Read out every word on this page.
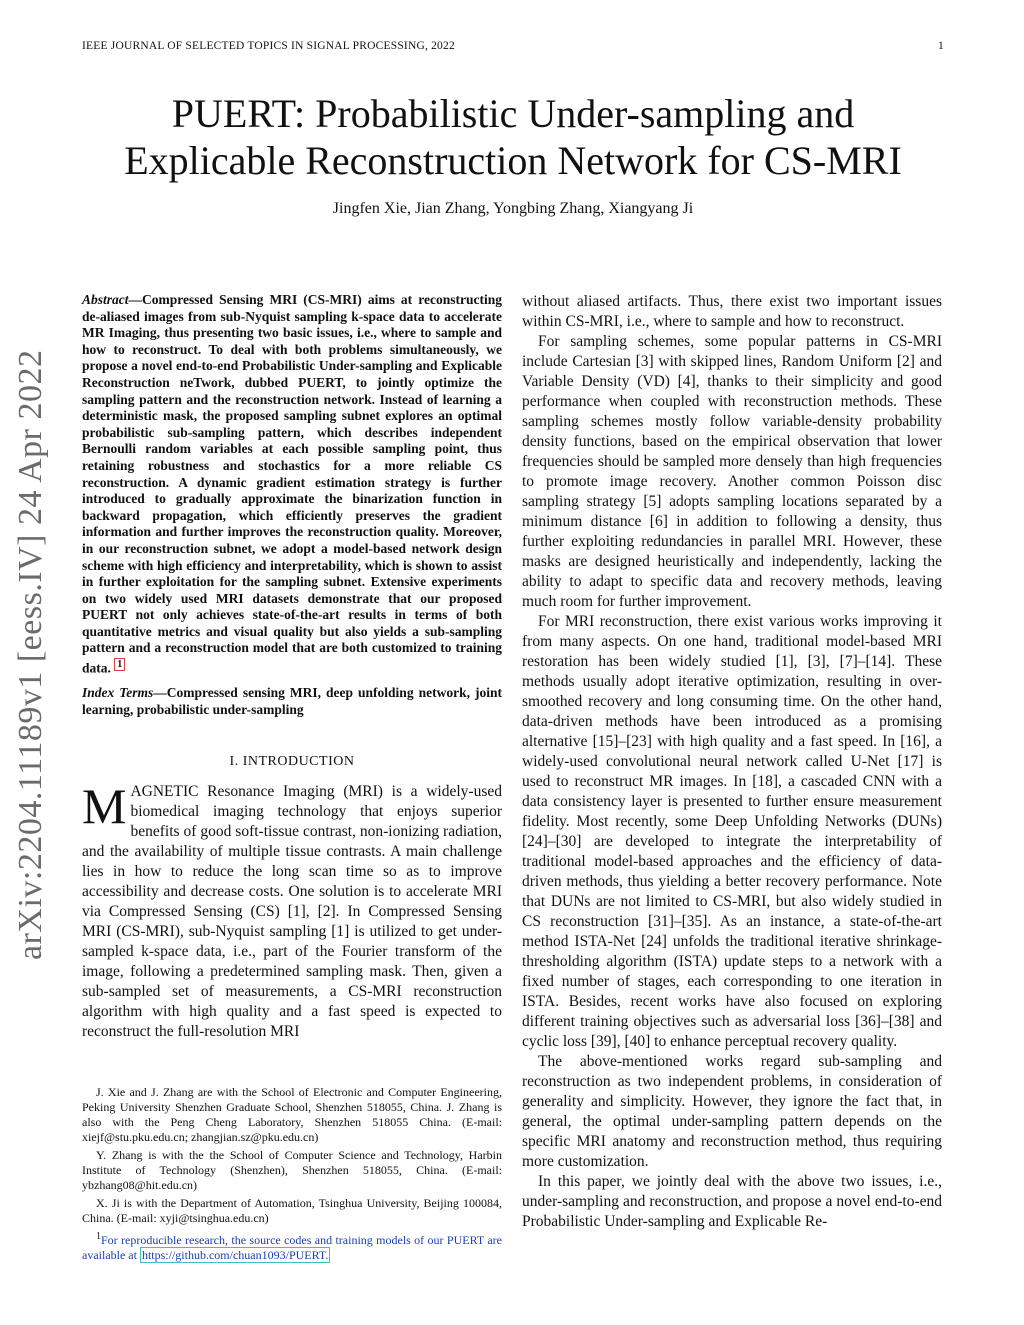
IEEE JOURNAL OF SELECTED TOPICS IN SIGNAL PROCESSING, 2022	1
PUERT: Probabilistic Under-sampling and
Explicable Reconstruction Network for CS-MRI
Jingfen Xie, Jian Zhang, Yongbing Zhang, Xiangyang Ji
arXiv:2204.11189v1 [eess.IV] 24 Apr 2022

Abstract—Compressed Sensing MRI (CS-MRI) aims at reconstructing de-aliased images from sub-Nyquist sampling k-space data to accelerate MR Imaging, thus presenting two basic issues, i.e., where to sample and how to reconstruct. To deal with both problems simultaneously, we propose a novel end-to-end Probabilistic Under-sampling and Explicable Reconstruction neTwork, dubbed PUERT, to jointly optimize the sampling pattern and the reconstruction network. Instead of learning a deterministic mask, the proposed sampling subnet explores an optimal probabilistic sub-sampling pattern, which describes independent Bernoulli random variables at each possible sampling point, thus retaining robustness and stochastics for a more reliable CS reconstruction. A dynamic gradient estimation strategy is further introduced to gradually approximate the binarization function in backward propagation, which efficiently preserves the gradient information and further improves the reconstruction quality. Moreover, in our reconstruction subnet, we adopt a model-based network design scheme with high efficiency and interpretability, which is shown to assist in further exploitation for the sampling subnet. Extensive experiments on two widely used MRI datasets demonstrate that our proposed PUERT not only achieves state-of-the-art results in terms of both quantitative metrics and visual quality but also yields a sub-sampling pattern and a reconstruction model that are both customized to training data. $^1$

Index Terms—Compressed sensing MRI, deep unfolding network, joint learning, probabilistic under-sampling

I. INTRODUCTION

MAGNETIC Resonance Imaging (MRI) is a widely-used biomedical imaging technology that enjoys superior benefits of good soft-tissue contrast, non-ionizing radiation, and the availability of multiple tissue contrasts. A main challenge lies in how to reduce the long scan time so as to improve accessibility and decrease costs. One solution is to accelerate MRI via Compressed Sensing (CS) [1], [2]. In Compressed Sensing MRI (CS-MRI), sub-Nyquist sampling [1] is utilized to get under-sampled k-space data, i.e., part of the Fourier transform of the image, following a predetermined sampling mask. Then, given a sub-sampled set of measurements, a CS-MRI reconstruction algorithm with high quality and a fast speed is expected to reconstruct the full-resolution MRI

without aliased artifacts. Thus, there exist two important issues within CS-MRI, i.e., where to sample and how to reconstruct.

For sampling schemes, some popular patterns in CS-MRI include Cartesian [3] with skipped lines, Random Uniform [2] and Variable Density (VD) [4], thanks to their simplicity and good performance when coupled with reconstruction methods. These sampling schemes mostly follow variable-density probability density functions, based on the empirical observation that lower frequencies should be sampled more densely than high frequencies to promote image recovery. Another common Poisson disc sampling strategy [5] adopts sampling locations separated by a minimum distance [6] in addition to following a density, thus further exploiting redundancies in parallel MRI. However, these masks are designed heuristically and independently, lacking the ability to adapt to specific data and recovery methods, leaving much room for further improvement.

For MRI reconstruction, there exist various works improving it from many aspects. On one hand, traditional model-based MRI restoration has been widely studied [1], [3], [7]–[14]. These methods usually adopt iterative optimization, resulting in over-smoothed recovery and long consuming time. On the other hand, data-driven methods have been introduced as a promising alternative [15]–[23] with high quality and a fast speed. In [16], a widely-used convolutional neural network called U-Net [17] is used to reconstruct MR images. In [18], a cascaded CNN with a data consistency layer is presented to further ensure measurement fidelity. Most recently, some Deep Unfolding Networks (DUNs) [24]–[30] are developed to integrate the interpretability of traditional model-based approaches and the efficiency of data-driven methods, thus yielding a better recovery performance. Note that DUNs are not limited to CS-MRI, but also widely studied in CS reconstruction [31]–[35]. As an instance, a state-of-the-art method ISTA-Net [24] unfolds the traditional iterative shrinkage-thresholding algorithm (ISTA) update steps to a network with a fixed number of stages, each corresponding to one iteration in ISTA. Besides, recent works have also focused on exploring different training objectives such as adversarial loss [36]–[38] and cyclic loss [39], [40] to enhance perceptual recovery quality.

The above-mentioned works regard sub-sampling and reconstruction as two independent problems, in consideration of generality and simplicity. However, they ignore the fact that, in general, the optimal under-sampling pattern depends on the specific MRI anatomy and reconstruction method, thus requiring more customization.

In this paper, we jointly deal with the above two issues, i.e., under-sampling and reconstruction, and propose a novel end-to-end Probabilistic Under-sampling and Explicable Re-

J. Xie and J. Zhang are with the School of Electronic and Computer Engineering, Peking University Shenzhen Graduate School, Shenzhen 518055, China. J. Zhang is also with the Peng Cheng Laboratory, Shenzhen 518055 China. (E-mail: xiejf@stu.pku.edu.cn; zhangjian.sz@pku.edu.cn)

Y. Zhang is with the the School of Computer Science and Technology, Harbin Institute of Technology (Shenzhen), Shenzhen 518055, China. (E-mail: ybzhang08@hit.edu.cn)

X. Ji is with the Department of Automation, Tsinghua University, Beijing 100084, China. (E-mail: xyji@tsinghua.edu.cn)

$^1$For reproducible research, the source codes and training models of our PUERT are available at https://github.com/chuan1093/PUERT.
